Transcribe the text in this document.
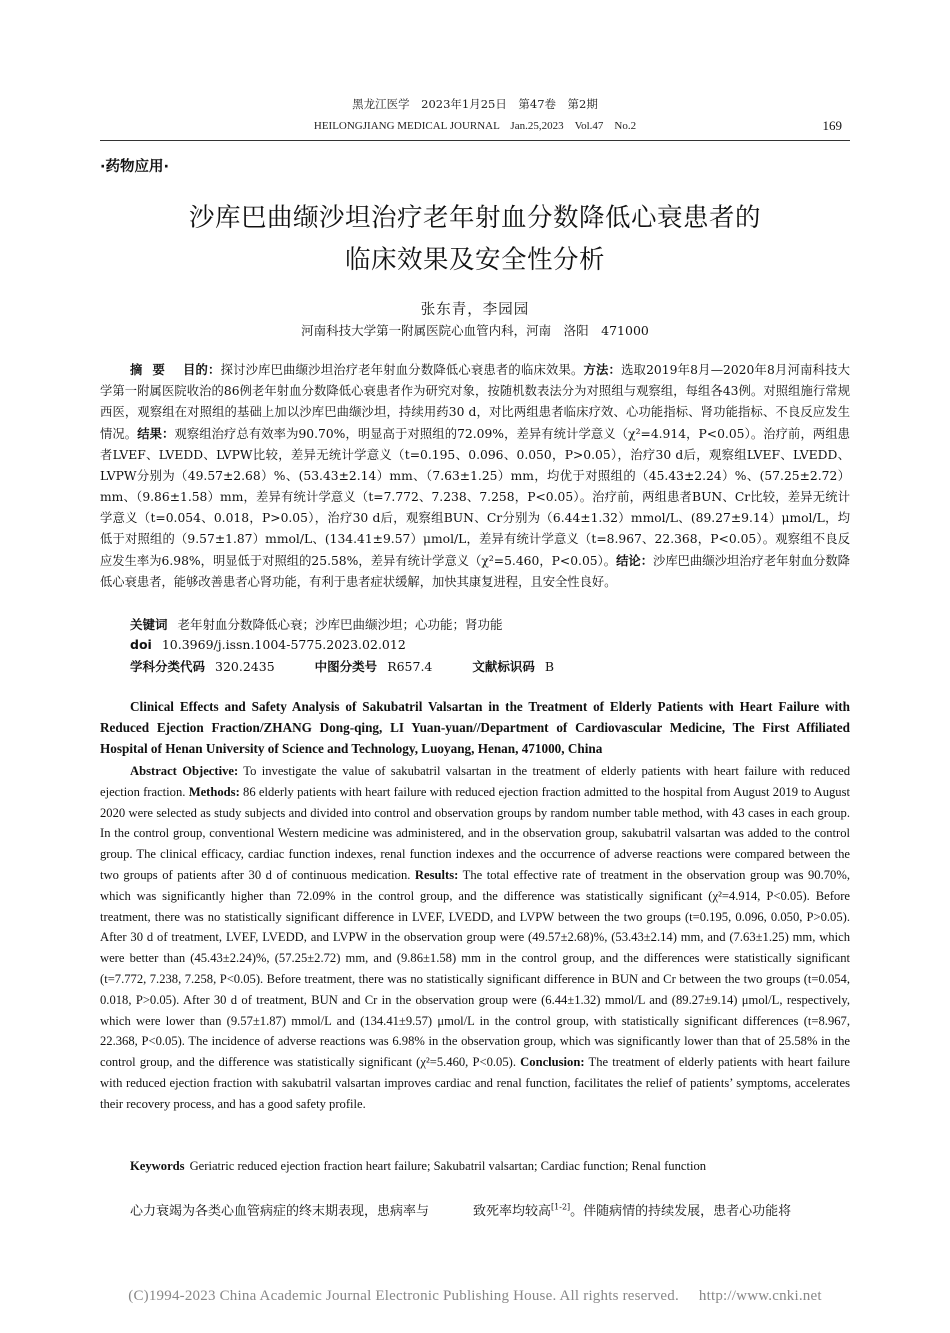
黑龙江医学　2023年1月25日　第47卷　第2期
HEILONGJIANG MEDICAL JOURNAL　Jan.25,2023　Vol.47　No.2	169
·药物应用·
沙库巴曲缬沙坦治疗老年射血分数降低心衰患者的
临床效果及安全性分析
张东青，李园园
河南科技大学第一附属医院心血管内科，河南　洛阳　471000
摘要 目的：探讨沙库巴曲缬沙坦治疗老年射血分数降低心衰患者的临床效果。方法：选取2019年8月—2020年8月河南科技大学第一附属医院收治的86例老年射血分数降低心衰患者作为研究对象，按随机数表法分为对照组与观察组，每组各43例。对照组施行常规西医，观察组在对照组的基础上加以沙库巴曲缬沙坦，持续用药30 d，对比两组患者临床疗效、心功能指标、肾功能指标、不良反应发生情况。结果：观察组治疗总有效率为90.70%，明显高于对照组的72.09%，差异有统计学意义（χ²=4.914，P<0.05）。治疗前，两组患者LVEF、LVEDD、LVPW比较，差异无统计学意义（t=0.195、0.096、0.050，P>0.05），治疗30 d后，观察组LVEF、LVEDD、LVPW分别为（49.57±2.68）%、(53.43±2.14）mm、（7.63±1.25）mm，均优于对照组的（45.43±2.24）%、(57.25±2.72）mm、（9.86±1.58）mm，差异有统计学意义（t=7.772、7.238、7.258，P<0.05）。治疗前，两组患者BUN、Cr比较，差异无统计学意义（t=0.054、0.018，P>0.05），治疗30 d后，观察组BUN、Cr分别为（6.44±1.32）mmol/L、(89.27±9.14）μmol/L，均低于对照组的（9.57±1.87）mmol/L、(134.41±9.57）μmol/L，差异有统计学意义（t=8.967、22.368，P<0.05）。观察组不良反应发生率为6.98%，明显低于对照组的25.58%，差异有统计学意义（χ²=5.460，P<0.05）。结论：沙库巴曲缬沙坦治疗老年射血分数降低心衰患者，能够改善患者心肾功能，有利于患者症状缓解，加快其康复进程，且安全性良好。
关键词 老年射血分数降低心衰；沙库巴曲缬沙坦；心功能；肾功能
doi 10.3969/j.issn.1004-5775.2023.02.012
学科分类代码 320.2435	中图分类号 R657.4	文献标识码 B
Clinical Effects and Safety Analysis of Sakubatril Valsartan in the Treatment of Elderly Patients with Heart Failure with Reduced Ejection Fraction/ZHANG Dong-qing, LI Yuan-yuan//Department of Cardiovascular Medicine, The First Affiliated Hospital of Henan University of Science and Technology, Luoyang, Henan, 471000, China
Abstract Objective: To investigate the value of sakubatril valsartan in the treatment of elderly patients with heart failure with reduced ejection fraction. Methods: 86 elderly patients with heart failure with reduced ejection fraction admitted to the hospital from August 2019 to August 2020 were selected as study subjects and divided into control and observation groups by random number table method, with 43 cases in each group. In the control group, conventional Western medicine was administered, and in the observation group, sakubatril valsartan was added to the control group. The clinical efficacy, cardiac function indexes, renal function indexes and the occurrence of adverse reactions were compared between the two groups of patients after 30 d of continuous medication. Results: The total effective rate of treatment in the observation group was 90.70%, which was significantly higher than 72.09% in the control group, and the difference was statistically significant (χ²=4.914, P<0.05). Before treatment, there was no statistically significant difference in LVEF, LVEDD, and LVPW between the two groups (t=0.195, 0.096, 0.050, P>0.05). After 30 d of treatment, LVEF, LVEDD, and LVPW in the observation group were (49.57±2.68)%, (53.43±2.14) mm, and (7.63±1.25) mm, which were better than (45.43±2.24)%, (57.25±2.72) mm, and (9.86±1.58) mm in the control group, and the differences were statistically significant (t=7.772, 7.238, 7.258, P<0.05). Before treatment, there was no statistically significant difference in BUN and Cr between the two groups (t=0.054, 0.018, P>0.05). After 30 d of treatment, BUN and Cr in the observation group were (6.44±1.32) mmol/L and (89.27±9.14) μmol/L, respectively, which were lower than (9.57±1.87) mmol/L and (134.41±9.57) μmol/L in the control group, with statistically significant differences (t=8.967, 22.368, P<0.05). The incidence of adverse reactions was 6.98% in the observation group, which was significantly lower than that of 25.58% in the control group, and the difference was statistically significant (χ²=5.460, P<0.05). Conclusion: The treatment of elderly patients with heart failure with reduced ejection fraction with sakubatril valsartan improves cardiac and renal function, facilitates the relief of patients’ symptoms, accelerates their recovery process, and has a good safety profile.
Keywords Geriatric reduced ejection fraction heart failure; Sakubatril valsartan; Cardiac function; Renal function
心力衰竭为各类心血管病症的终末期表现，患病率与	致死率均较高[1-2]。伴随病情的持续发展，患者心功能将
(C)1994-2023 China Academic Journal Electronic Publishing House. All rights reserved. http://www.cnki.net
